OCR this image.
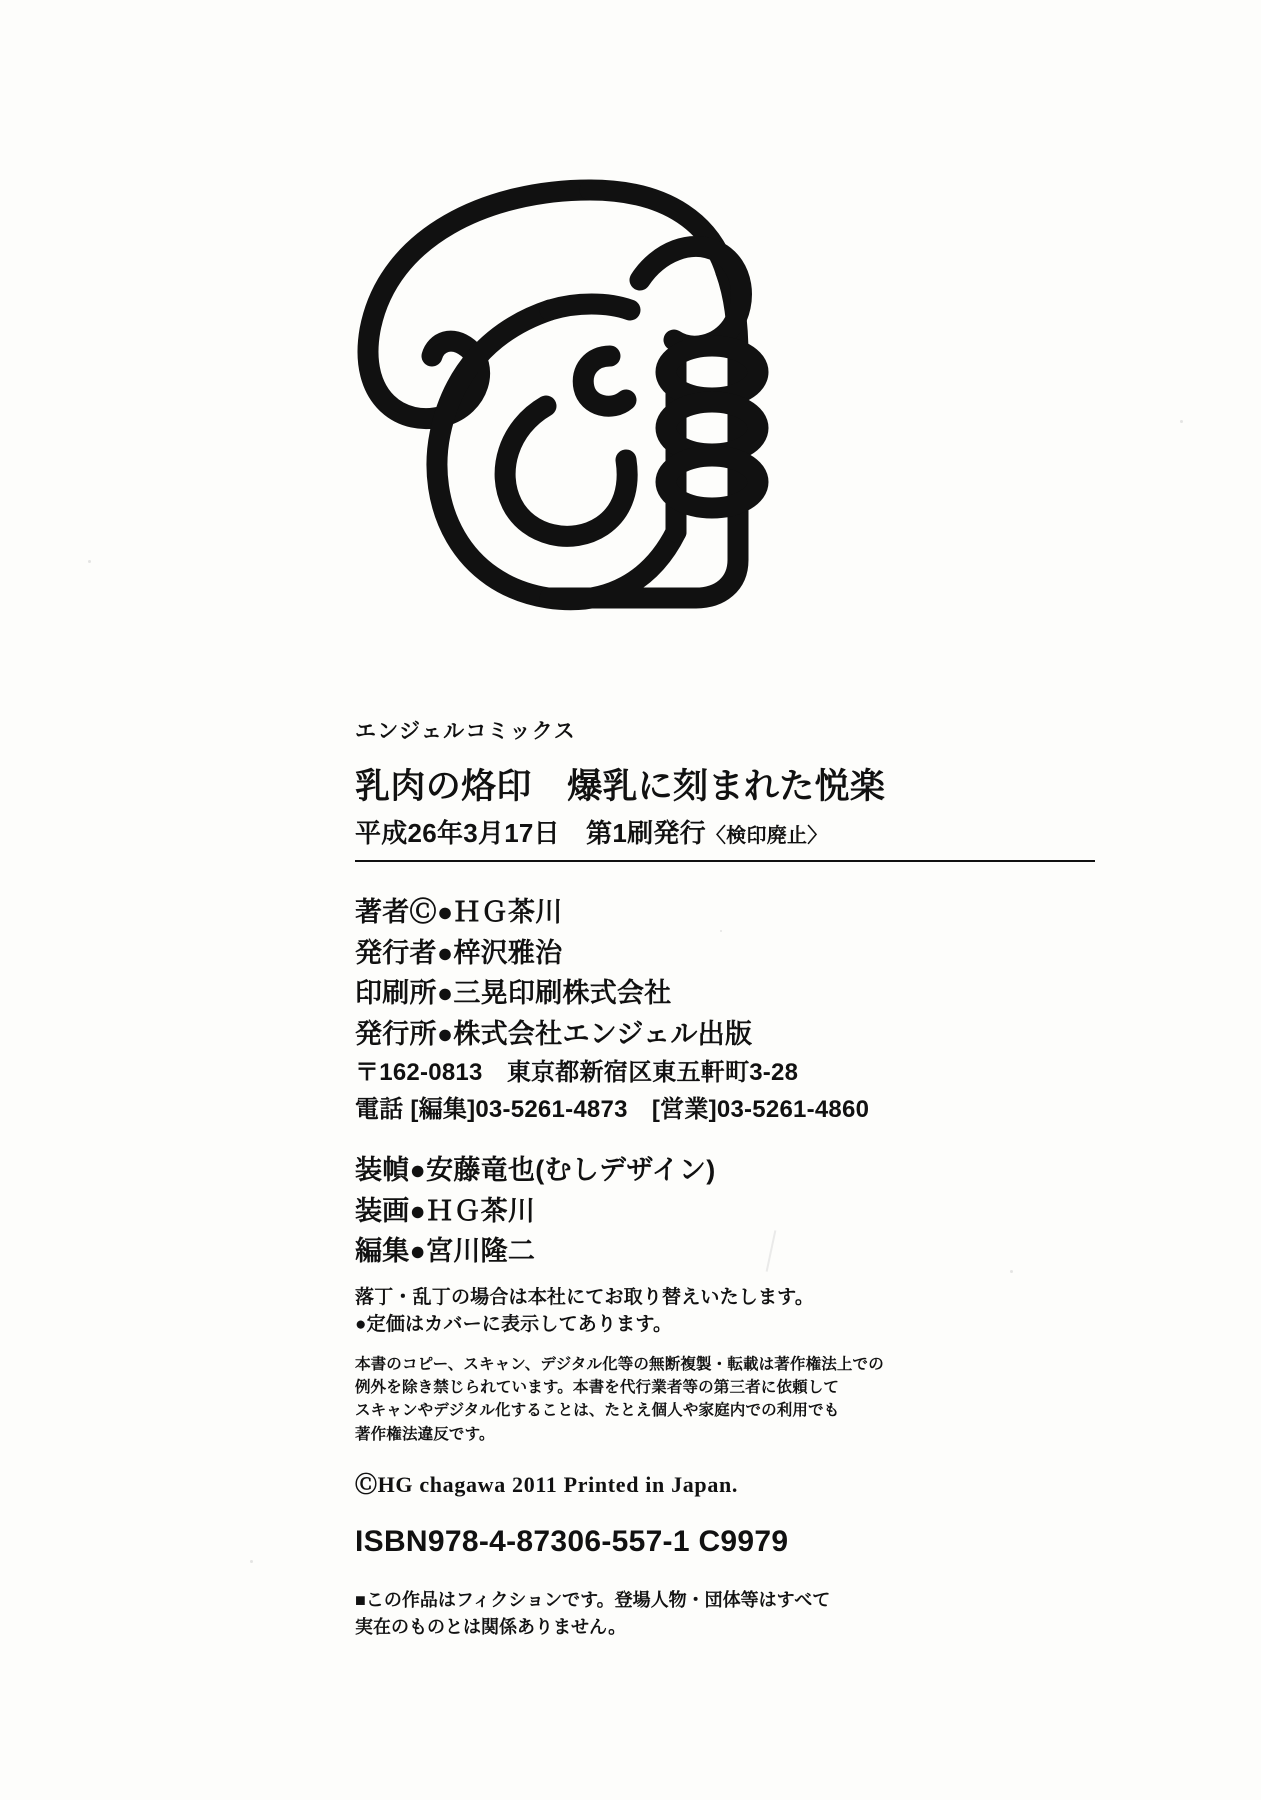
エンジェルコミックス
乳肉の烙印　爆乳に刻まれた悦楽
平成26年3月17日　第1刷発行〈検印廃止〉
著者Ⓒ●ＨＧ茶川
発行者●梓沢雅治
印刷所●三晃印刷株式会社
発行所●株式会社エンジェル出版
〒162-0813　東京都新宿区東五軒町3-28
電話 [編集]03-5261-4873　[営業]03-5261-4860
装幀●安藤竜也(むしデザイン)
装画●ＨＧ茶川
編集●宮川隆二
落丁・乱丁の場合は本社にてお取り替えいたします。
●定価はカバーに表示してあります。
本書のコピー、スキャン、デジタル化等の無断複製・転載は著作権法上での
例外を除き禁じられています。本書を代行業者等の第三者に依頼して
スキャンやデジタル化することは、たとえ個人や家庭内での利用でも
著作権法違反です。
ⒸHG chagawa 2011 Printed in Japan.
ISBN978-4-87306-557-1 C9979
■この作品はフィクションです。登場人物・団体等はすべて
実在のものとは関係ありません。
